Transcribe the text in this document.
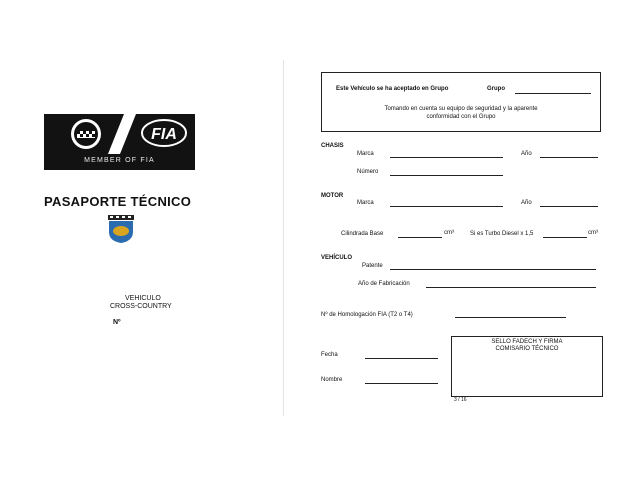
FIA
MEMBER OF FIA
PASAPORTE TÉCNICO
VEHICULO
CROSS-COUNTRY
Nº
Este Vehículo se ha aceptado en Grupo	Grupo
Tomando en cuenta su equipo de seguridad y la aparente
conformidad con el Grupo
CHASIS
Marca	Año
Número
MOTOR
Marca	Año
Cilindrada Base	cm³	Si es Turbo Diesel x 1,5	cm³
VEHÍCULO
Patente
Año de Fabricación
Nº de Homologación FIA (T2 o T4)
Fecha
Nombre
SELLO FADECH Y FIRMA
COMISARIO TÉCNICO
3 / 16
